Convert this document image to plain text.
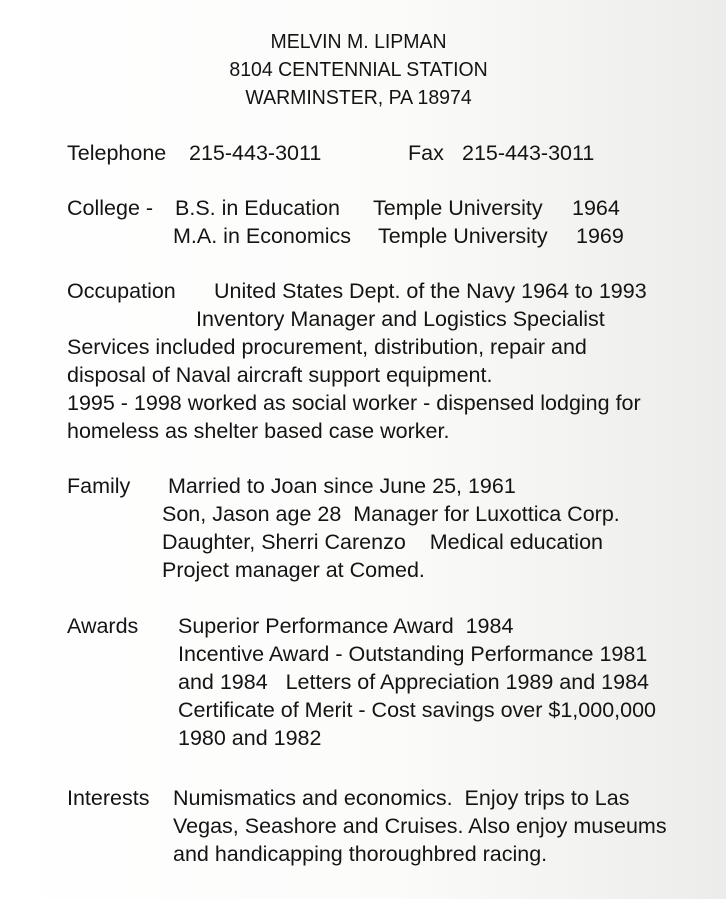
MELVIN M. LIPMAN
8104 CENTENNIAL STATION
WARMINSTER, PA 18974
Telephone 215-443-3011	Fax 215-443-3011
College - B.S. in Education Temple University 1964
M.A. in Economics Temple University 1969
Occupation United States Dept. of the Navy 1964 to 1993
Inventory Manager and Logistics Specialist
Services included procurement, distribution, repair and
disposal of Naval aircraft support equipment.
1995 - 1998 worked as social worker - dispensed lodging for
homeless as shelter based case worker.
Family Married to Joan since June 25, 1961
Son, Jason age 28  Manager for Luxottica Corp.
Daughter, Sherri Carenzo    Medical education
Project manager at Comed.
Awards Superior Performance Award  1984
Incentive Award - Outstanding Performance 1981
and 1984   Letters of Appreciation 1989 and 1984
Certificate of Merit - Cost savings over $1,000,000
1980 and 1982
Interests Numismatics and economics.  Enjoy trips to Las
Vegas, Seashore and Cruises. Also enjoy museums
and handicapping thoroughbred racing.
